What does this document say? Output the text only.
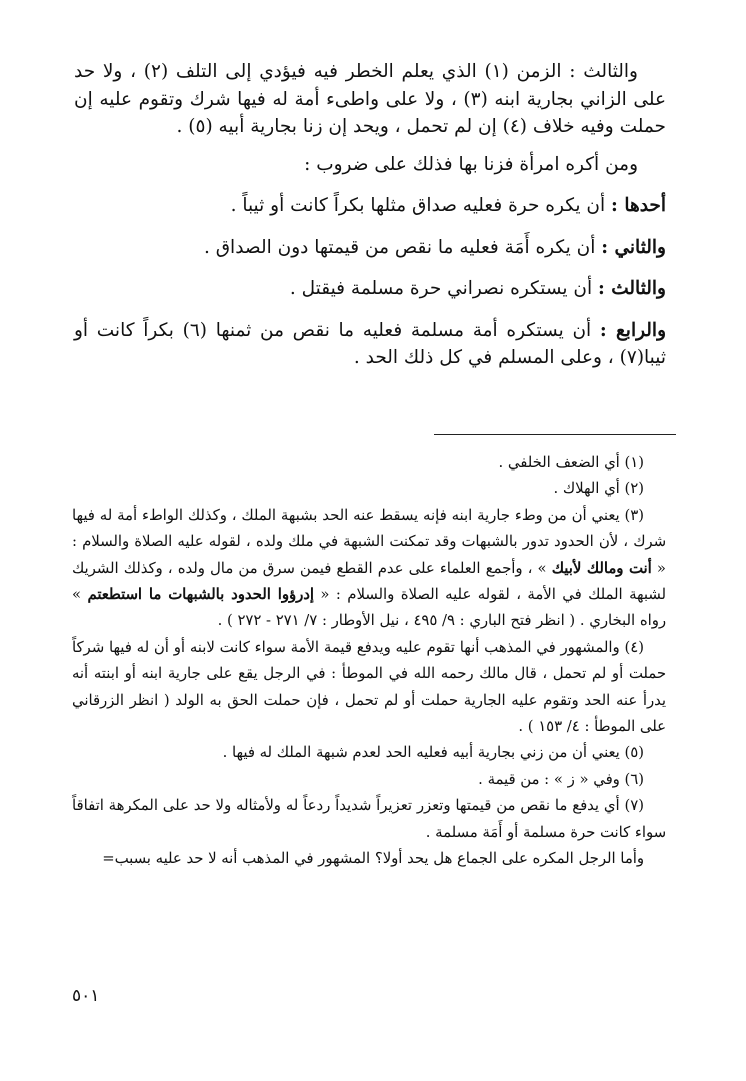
والثالث : الزمن (١) الذي يعلم الخطر فيه فيؤدي إلى التلف (٢) ، ولا حد على الزاني بجارية ابنه (٣) ، ولا على واطىء أمة له فيها شرك وتقوم عليه إن حملت وفيه خلاف (٤) إن لم تحمل ، ويحد إن زنا بجارية أبيه (٥) .

ومن أكره امرأة فزنا بها فذلك على ضروب :

أحدها : أن يكره حرة فعليه صداق مثلها بكراً كانت أو ثيباً .

والثاني : أن يكره أَمَة فعليه ما نقص من قيمتها دون الصداق .

والثالث : أن يستكره نصراني حرة مسلمة فيقتل .

والرابع : أن يستكره أمة مسلمة فعليه ما نقص من ثمنها (٦) بكراً كانت أو ثيبا(٧) ، وعلى المسلم في كل ذلك الحد .

(١) أي الضعف الخلفي .

(٢) أي الهلاك .

(٣) يعني أن من وطء جارية ابنه فإنه يسقط عنه الحد بشبهة الملك ، وكذلك الواطء أمة له فيها شرك ، لأن الحدود تدور بالشبهات وقد تمكنت الشبهة في ملك ولده ، لقوله عليه الصلاة والسلام : « أنت ومالك لأبيك » ، وأجمع العلماء على عدم القطع فيمن سرق من مال ولده ، وكذلك الشريك لشبهة الملك في الأمة ، لقوله عليه الصلاة والسلام : « إدرؤوا الحدود بالشبهات ما استطعتم » رواه البخاري . ( انظر فتح الباري : ٩/ ٤٩٥ ، نيل الأوطار : ٧/ ٢٧١ - ٢٧٢ ) .

(٤) والمشهور في المذهب أنها تقوم عليه ويدفع قيمة الأمة سواء كانت لابنه أو أن له فيها شركاً حملت أو لم تحمل ، قال مالك رحمه الله في الموطأ : في الرجل يقع على جارية ابنه أو ابنته أنه يدرأ عنه الحد وتقوم عليه الجارية حملت أو لم تحمل ، فإن حملت الحق به الولد ( انظر الزرقاني على الموطأ : ٤/ ١٥٣ ) .

(٥) يعني أن من زني بجارية أبيه فعليه الحد لعدم شبهة الملك له فيها .

(٦) وفي « ز » : من قيمة .

(٧) أي يدفع ما نقص من قيمتها وتعزر تعزيراً شديداً ردعاً له ولأمثاله ولا حد على المكرهة اتفاقاً سواء كانت حرة مسلمة أو أَمَة مسلمة .

وأما الرجل المكره على الجماع هل يحد أولا؟ المشهور في المذهب أنه لا حد عليه بسبب=

٥٠١
